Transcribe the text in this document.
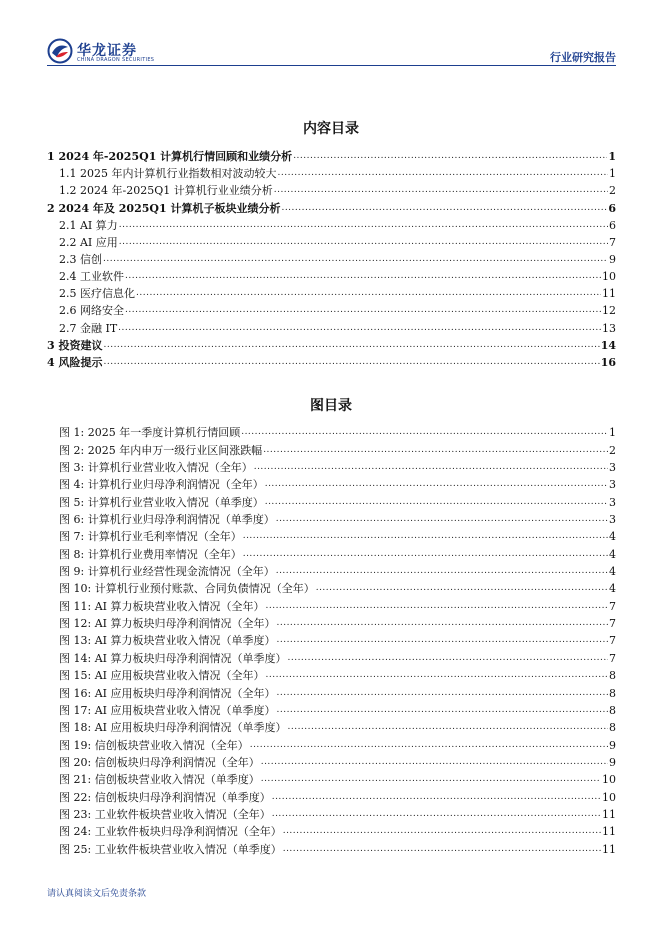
华龙证券
CHINA DRAGON SECURITIES	行业研究报告
内容目录
1 2024 年-2025Q1 计算机行情回顾和业绩分析 .....	1
1.1 2025 年内计算机行业指数相对波动较大 .....	1
1.2 2024 年-2025Q1 计算机行业业绩分析 .....	2
2 2024 年及 2025Q1 计算机子板块业绩分析 .....	6
2.1 AI 算力 .....	6
2.2 AI 应用 .....	7
2.3 信创 .....	9
2.4 工业软件 .....	10
2.5 医疗信息化 .....	11
2.6 网络安全 .....	12
2.7 金融 IT .....	13
3 投资建议 .....	14
4 风险提示 .....	16
图目录
图 1: 2025 年一季度计算机行情回顾 .....	1
图 2: 2025 年内申万一级行业区间涨跌幅 .....	2
图 3: 计算机行业营业收入情况（全年） .....	3
图 4: 计算机行业归母净利润情况（全年） .....	3
图 5: 计算机行业营业收入情况（单季度） .....	3
图 6: 计算机行业归母净利润情况（单季度） .....	3
图 7: 计算机行业毛利率情况（全年） .....	4
图 8: 计算机行业费用率情况（全年） .....	4
图 9: 计算机行业经营性现金流情况（全年） .....	4
图 10: 计算机行业预付账款、合同负债情况（全年） .....	4
图 11: AI 算力板块营业收入情况（全年） .....	7
图 12: AI 算力板块归母净利润情况（全年） .....	7
图 13: AI 算力板块营业收入情况（单季度） .....	7
图 14: AI 算力板块归母净利润情况（单季度） .....	7
图 15: AI 应用板块营业收入情况（全年） .....	8
图 16: AI 应用板块归母净利润情况（全年） .....	8
图 17: AI 应用板块营业收入情况（单季度） .....	8
图 18: AI 应用板块归母净利润情况（单季度） .....	8
图 19: 信创板块营业收入情况（全年） .....	9
图 20: 信创板块归母净利润情况（全年） .....	9
图 21: 信创板块营业收入情况（单季度） .....	10
图 22: 信创板块归母净利润情况（单季度） .....	10
图 23: 工业软件板块营业收入情况（全年） .....	11
图 24: 工业软件板块归母净利润情况（全年） .....	11
图 25: 工业软件板块营业收入情况（单季度） .....	11
请认真阅读文后免责条款
